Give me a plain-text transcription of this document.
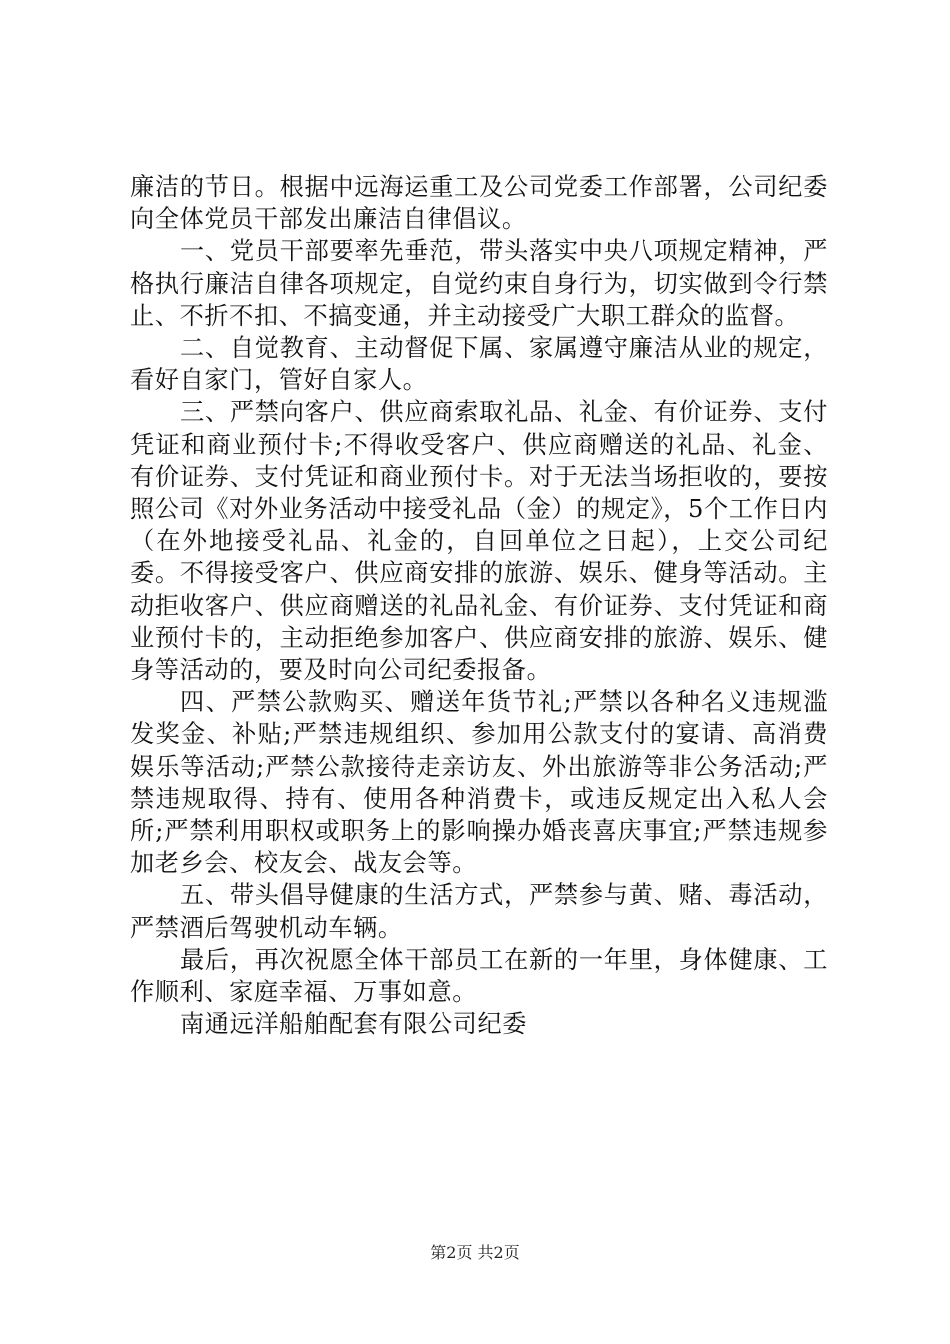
廉洁的节日。根据中远海运重工及公司党委工作部署，公司纪委向全体党员干部发出廉洁自律倡议。

一、党员干部要率先垂范，带头落实中央八项规定精神，严格执行廉洁自律各项规定，自觉约束自身行为，切实做到令行禁止、不折不扣、不搞变通，并主动接受广大职工群众的监督。

二、自觉教育、主动督促下属、家属遵守廉洁从业的规定，看好自家门，管好自家人。

三、严禁向客户、供应商索取礼品、礼金、有价证券、支付凭证和商业预付卡;不得收受客户、供应商赠送的礼品、礼金、有价证券、支付凭证和商业预付卡。对于无法当场拒收的，要按照公司《对外业务活动中接受礼品（金）的规定》，5个工作日内（在外地接受礼品、礼金的，自回单位之日起），上交公司纪委。不得接受客户、供应商安排的旅游、娱乐、健身等活动。主动拒收客户、供应商赠送的礼品礼金、有价证券、支付凭证和商业预付卡的，主动拒绝参加客户、供应商安排的旅游、娱乐、健身等活动的，要及时向公司纪委报备。

四、严禁公款购买、赠送年货节礼;严禁以各种名义违规滥发奖金、补贴;严禁违规组织、参加用公款支付的宴请、高消费娱乐等活动;严禁公款接待走亲访友、外出旅游等非公务活动;严禁违规取得、持有、使用各种消费卡，或违反规定出入私人会所;严禁利用职权或职务上的影响操办婚丧喜庆事宜;严禁违规参加老乡会、校友会、战友会等。

五、带头倡导健康的生活方式，严禁参与黄、赌、毒活动，严禁酒后驾驶机动车辆。

最后，再次祝愿全体干部员工在新的一年里，身体健康、工作顺利、家庭幸福、万事如意。

南通远洋船舶配套有限公司纪委

第2页 共2页
